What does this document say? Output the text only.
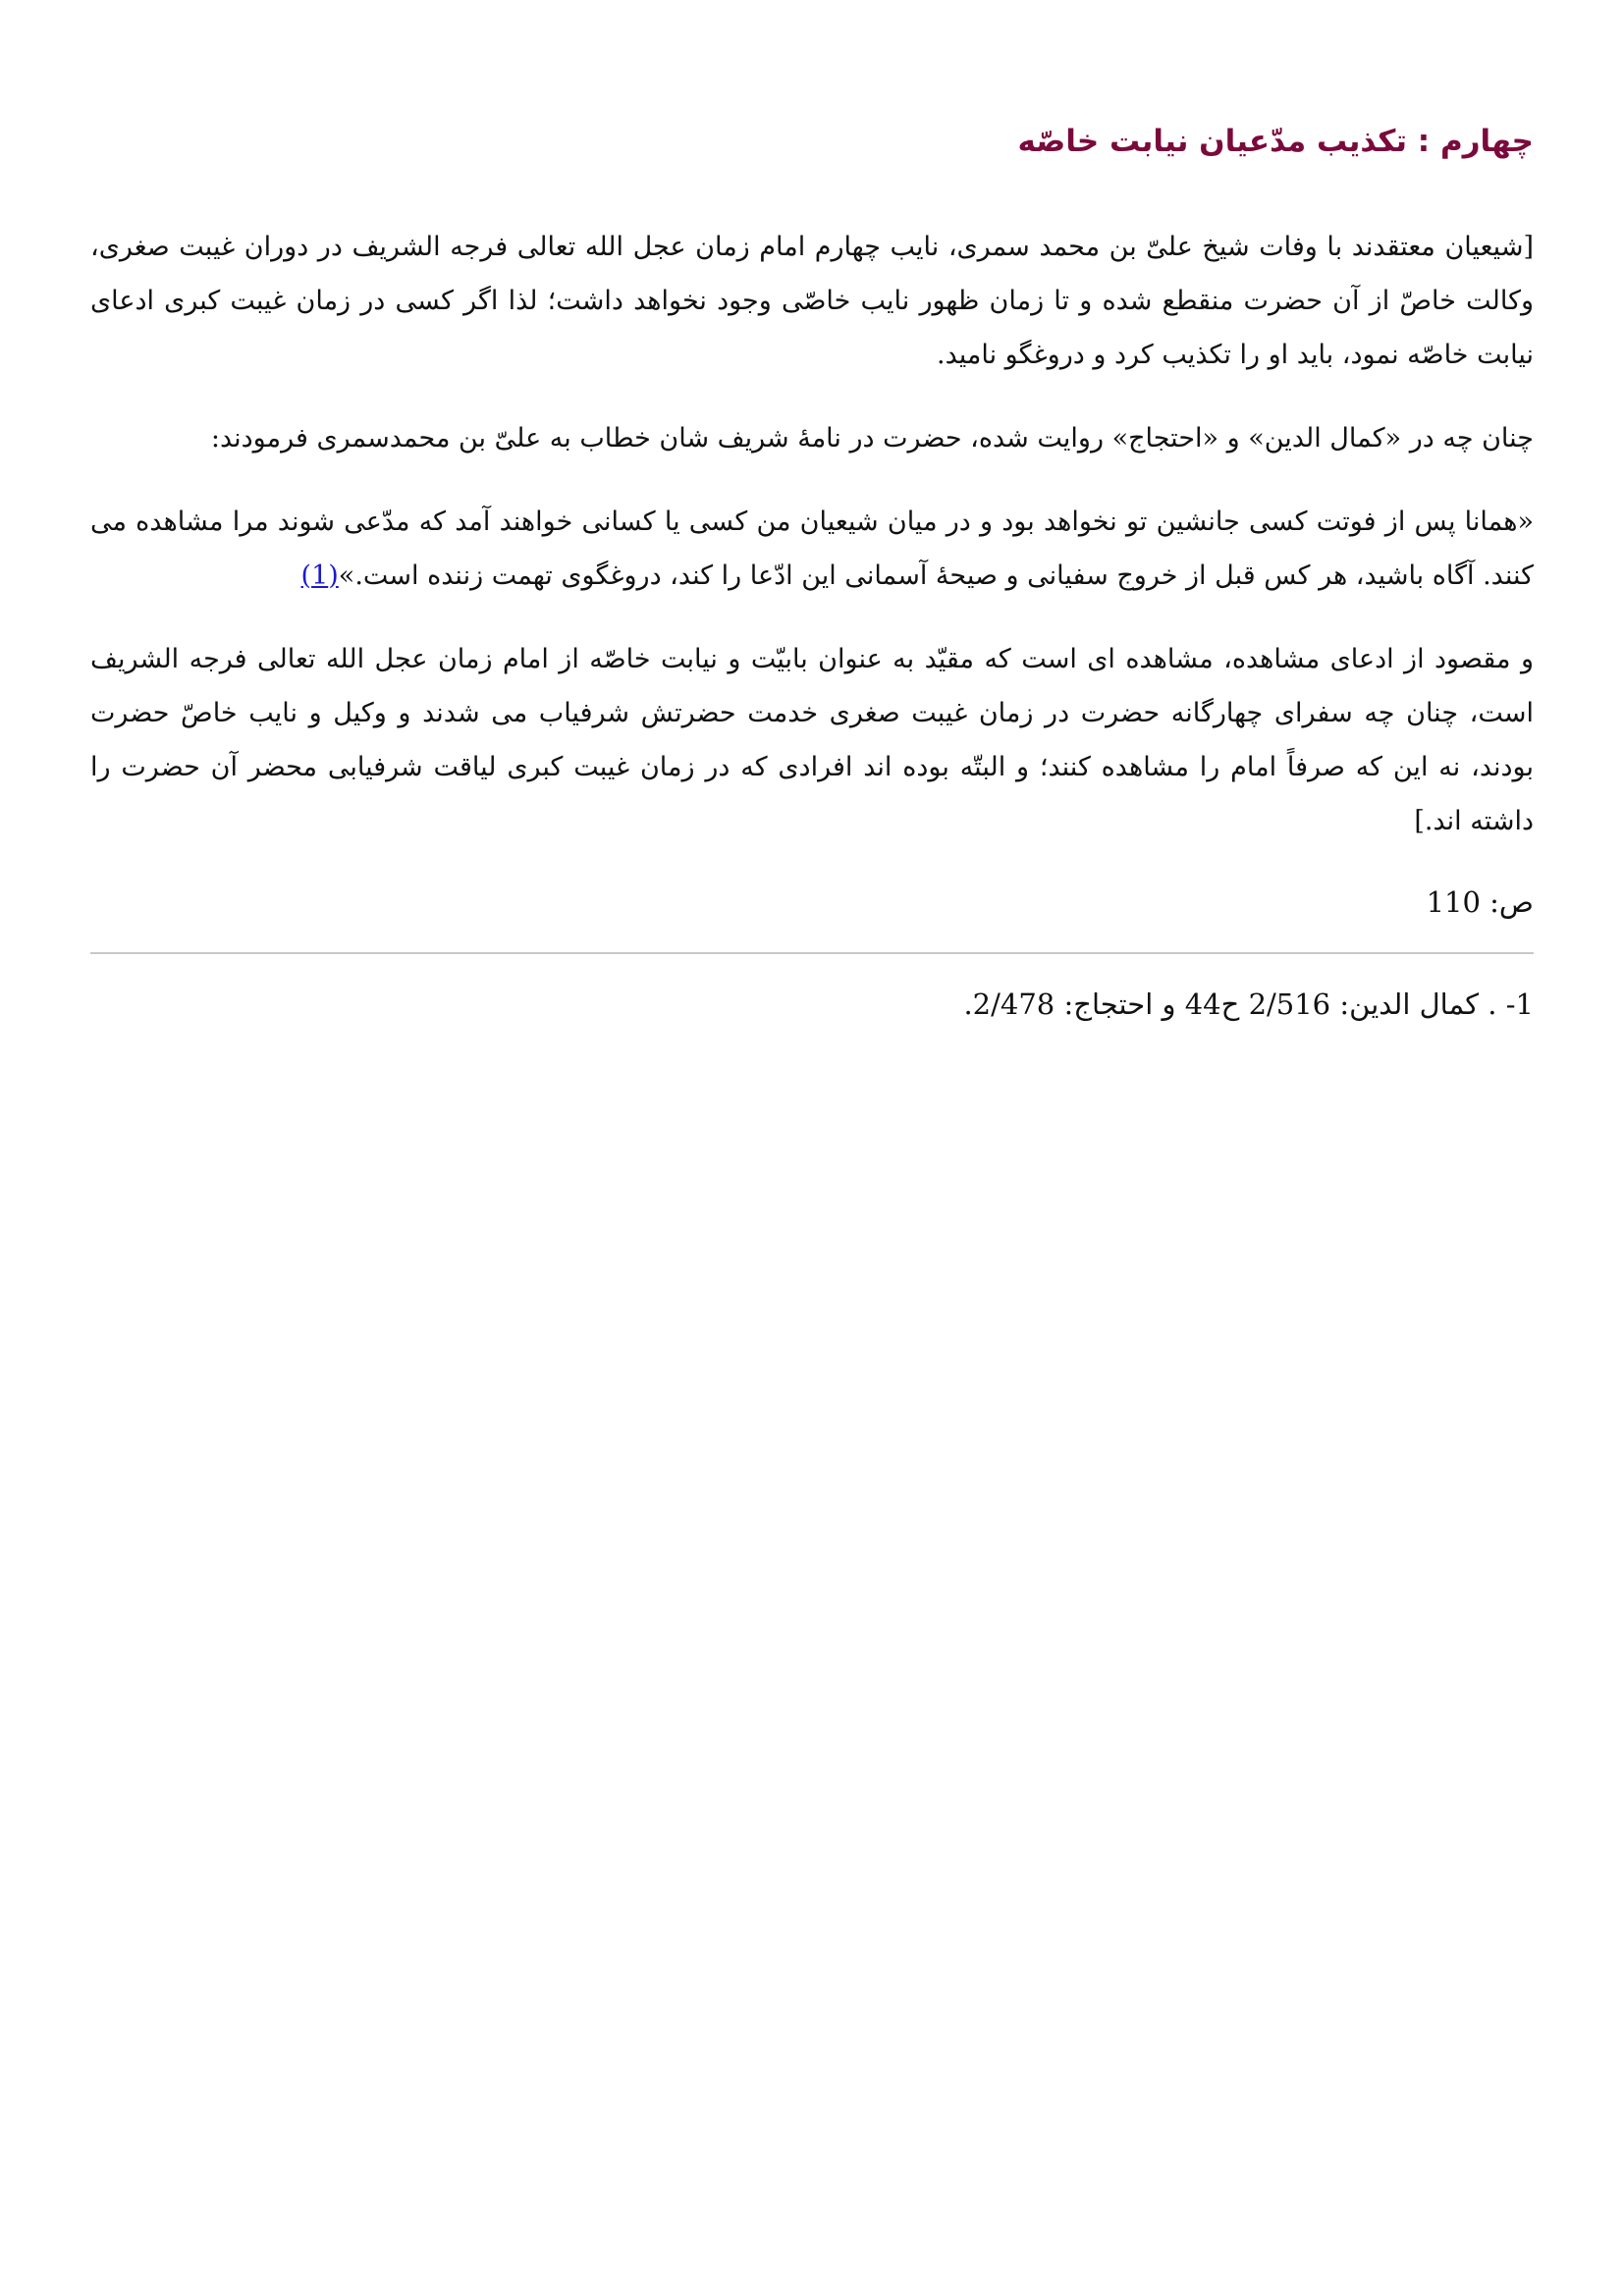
چهارم : تکذیب مدّعیان نیابت خاصّه

[شیعیان معتقدند با وفات شیخ علیّ بن محمد سمری، نایب چهارم امام زمان عجل الله تعالی فرجه الشریف در دوران غیبت صغری، وکالت خاصّ از آن حضرت منقطع شده و تا زمان ظهور نایب خاصّی وجود نخواهد داشت؛ لذا اگر کسی در زمان غیبت کبری ادعای نیابت خاصّه نمود، باید او را تکذیب کرد و دروغگو نامید.

چنان چه در «کمال الدین» و «احتجاج» روایت شده، حضرت در نامهٔ شریف شان خطاب به علیّ بن محمدسمری فرمودند:

«همانا پس از فوتت کسی جانشین تو نخواهد بود و در میان شیعیان من کسی یا کسانی خواهند آمد که مدّعی شوند مرا مشاهده می کنند. آگاه باشید، هر کس قبل از خروج سفیانی و صیحهٔ آسمانی این ادّعا را کند، دروغگوی تهمت زننده است.»(1)

و مقصود از ادعای مشاهده، مشاهده ای است که مقیّد به عنوان بابیّت و نیابت خاصّه از امام زمان عجل الله تعالی فرجه الشریف است، چنان چه سفرای چهارگانه حضرت در زمان غیبت صغری خدمت حضرتش شرفیاب می شدند و وکیل و نایب خاصّ حضرت بودند، نه این که صرفاً امام را مشاهده کنند؛ و البتّه بوده اند افرادی که در زمان غیبت کبری لیاقت شرفیابی محضر آن حضرت را داشته اند.]

ص: 110
1- . کمال الدین: 2/516 ح44 و احتجاج: 2/478.
